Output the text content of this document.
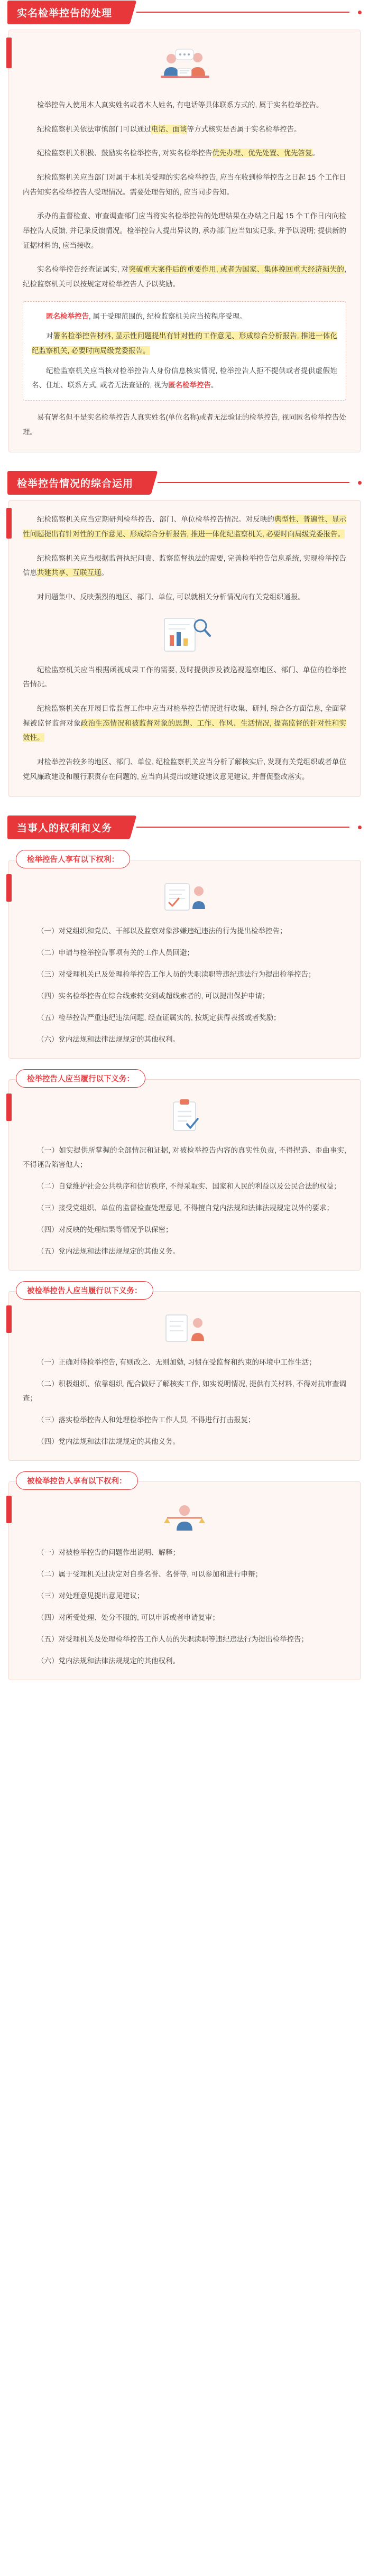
实名检举控告的处理

检举控告人使用本人真实姓名或者本人姓名, 有电话等具体联系方式的, 属于实名检举控告。

纪检监察机关依法审慎部门可以通过电话、面谈等方式核实是否属于实名检举控告。

纪检监察机关积极、鼓励实名检举控告, 对实名检举控告优先办理、优先处置、优先答复。

纪检监察机关应当部门对属于本机关受理的实名检举控告, 应当在收到检举控告之日起 15 个工作日内告知实名检举控告人受理情况。需要处理告知的, 应当同步告知。

承办的监督检查、审查调查部门应当将实名检举控告的处理结果在办结之日起 15 个工作日内向检举控告人反馈, 并记录反馈情况。检举控告人提出异议的, 承办部门应当如实记录, 并予以说明; 提供新的证据材料的, 应当接收。

实名检举控告经查证属实, 对突破重大案件后的重要作用, 或者为国家、集体挽回重大经济损失的, 纪检监察机关可以按规定对检举控告人予以奖励。

匿名检举控告, 属于受理范围的, 纪检监察机关应当按程序受理。

对署名检举控告材料, 显示性问题提出有针对性的工作意见、形成综合分析报告, 推进一体化纪监察机关, 必要时向局级党委报告。

纪检监察机关应当核对检举控告人身份信息核实情况, 检举控告人拒不提供或者提供虚假姓名、住址、联系方式, 或者无法查证的, 视为匿名检举控告。

易有署名但不是实名检举控告人真实姓名(单位名称)或者无法验证的检举控告, 视同匿名检举控告处理。

检举控告情况的综合运用

纪检监察机关应当定期研判检举控告、部门、单位检举控告情况。对反映的典型性、普遍性、显示性问题提出有针对性的工作意见、形成综合分析报告, 推进一体化纪监察机关, 必要时向局级党委报告。

纪检监察机关应当根据监督执纪问责、监察监督执法的需要, 完善检举控告信息系统, 实现检举控告信息共建共享、互联互通。

对问题集中、反映强烈的地区、部门、单位, 可以就相关分析情况向有关党组织通报。

纪检监察机关应当根据函视成果工作的需要, 及时提供涉及被巡视巡察地区、部门、单位的检举控告情况。

纪检监察机关在开展日常监督工作中应当对检举控告情况进行收集、研判, 综合各方面信息, 全面掌握被监督监督对象政治生态情况和被监督对象的思想、工作、作风、生活情况, 提高监督的针对性和实效性。

对检举控告较多的地区、部门、单位, 纪检监察机关应当分析了解核实后, 发现有关党组织或者单位党风廉政建设和履行职责存在问题的, 应当向其提出或建设建议意见建议, 并督促整改落实。

当事人的权利和义务
检举控告人享有以下权利：

（一）对党组织和党员、干部以及监察对象涉嫌违纪违法的行为提出检举控告；

（二）申请与检举控告事项有关的工作人员回避；

（三）对受理机关已及处理检举控告工作人员的失职渎职等违纪违法行为提出检举控告；

（四）实名检举控告在综合线索转交到或超线索者的, 可以提出保护申请；

（五）检举控告严重违纪违法问题, 经查证属实的, 按规定获得表扬或者奖励；

（六）党内法规和法律法规规定的其他权利。

检举控告人应当履行以下义务：

（一）如实提供所掌握的全部情况和证据, 对被检举控告内容的真实性负责, 不得捏造、歪曲事实, 不得诬告陷害他人；

（二）自觉维护社会公共秩序和信访秩序, 不得采取实、国家和人民的利益以及公民合法的权益；

（三）接受党组织、单位的监督检查处理意见, 不得擅自党内法规和法律法规规定以外的要求；

（四）对反映的处理结果等情况予以保密；

（五）党内法规和法律法规规定的其他义务。

被检举控告人应当履行以下义务：

（一）正确对待检举控告, 有则改之、无则加勉, 习惯在受监督和约束的环境中工作生活；

（二）积极组织、依靠组织, 配合做好了解核实工作, 如实说明情况, 提供有关材料, 不得对抗审查调查；

（三）落实检举控告人和处理检举控告工作人员, 不得进行打击报复；

（四）党内法规和法律法规规定的其他义务。

被检举控告人享有以下权利：

（一）对被检举控告的问题作出说明、解释；

（二）属于受理机关过决定对自身名誉、名誉等, 可以参加和进行申辩；

（三）对处理意见提出意见建议；

（四）对所受处理、处分不服的, 可以申诉或者申请复审；

（五）对受理机关及处理检举控告工作人员的失职渎职等违纪违法行为提出检举控告；

（六）党内法规和法律法规规定的其他权利。
